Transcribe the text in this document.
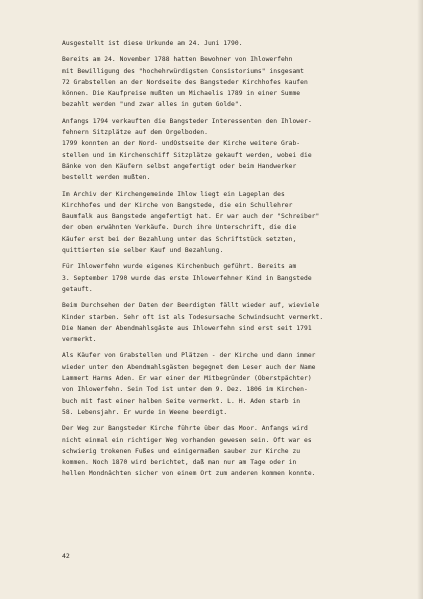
Ausgestellt ist diese Urkunde am 24. Juni 1790.
Bereits am 24. November 1788 hatten Bewohner von Ihlowerfehn
mit Bewilligung des "hochehrwürdigsten Consistoriums" insgesamt
72 Grabstellen an der Nordseite des Bangsteder Kirchhofes kaufen
können. Die Kaufpreise mußten um Michaelis 1789 in einer Summe
bezahlt werden "und zwar alles in gutem Golde".
Anfangs 1794 verkauften die Bangsteder Interessenten den Ihlower-
fehnern Sitzplätze auf dem Orgelboden.
1799 konnten an der Nord- undOstseite der Kirche weitere Grab-
stellen und im Kirchenschiff Sitzplätze gekauft werden, wobei die
Bänke von den Käufern selbst angefertigt oder beim Handwerker
bestellt werden mußten.
Im Archiv der Kirchengemeinde Ihlow liegt ein Lageplan des
Kirchhofes und der Kirche von Bangstede, die ein Schullehrer
Baumfalk aus Bangstede angefertigt hat. Er war auch der "Schreiber"
der oben erwähnten Verkäufe. Durch ihre Unterschrift, die die
Käufer erst bei der Bezahlung unter das Schriftstück setzten,
quittierten sie selber Kauf und Bezahlung.
Für Ihlowerfehn wurde eigenes Kirchenbuch geführt. Bereits am
3. September 1790 wurde das erste Ihlowerfehner Kind in Bangstede
getauft.
Beim Durchsehen der Daten der Beerdigten fällt wieder auf, wieviele
Kinder starben. Sehr oft ist als Todesursache Schwindsucht vermerkt.
Die Namen der Abendmahlsgäste aus Ihlowerfehn sind erst seit 1791
vermerkt.
Als Käufer von Grabstellen und Plätzen - der Kirche und dann immer
wieder unter den Abendmahlsgästen begegnet dem Leser auch der Name
Lammert Harms Aden. Er war einer der Mitbegründer (Oberstpächter)
von Ihlowerfehn. Sein Tod ist unter dem 9. Dez. 1806 im Kirchen-
buch mit fast einer halben Seite vermerkt. L. H. Aden starb in
58. Lebensjahr. Er wurde in Weene beerdigt.
Der Weg zur Bangsteder Kirche führte über das Moor. Anfangs wird
nicht einmal ein richtiger Weg vorhanden gewesen sein. Oft war es
schwierig trokenen Fußes und einigermaßen sauber zur Kirche zu
kommen. Noch 1870 wird berichtet, daß man nur am Tage oder in
hellen Mondnächten sicher von einem Ort zum anderen kommen konnte.
42
